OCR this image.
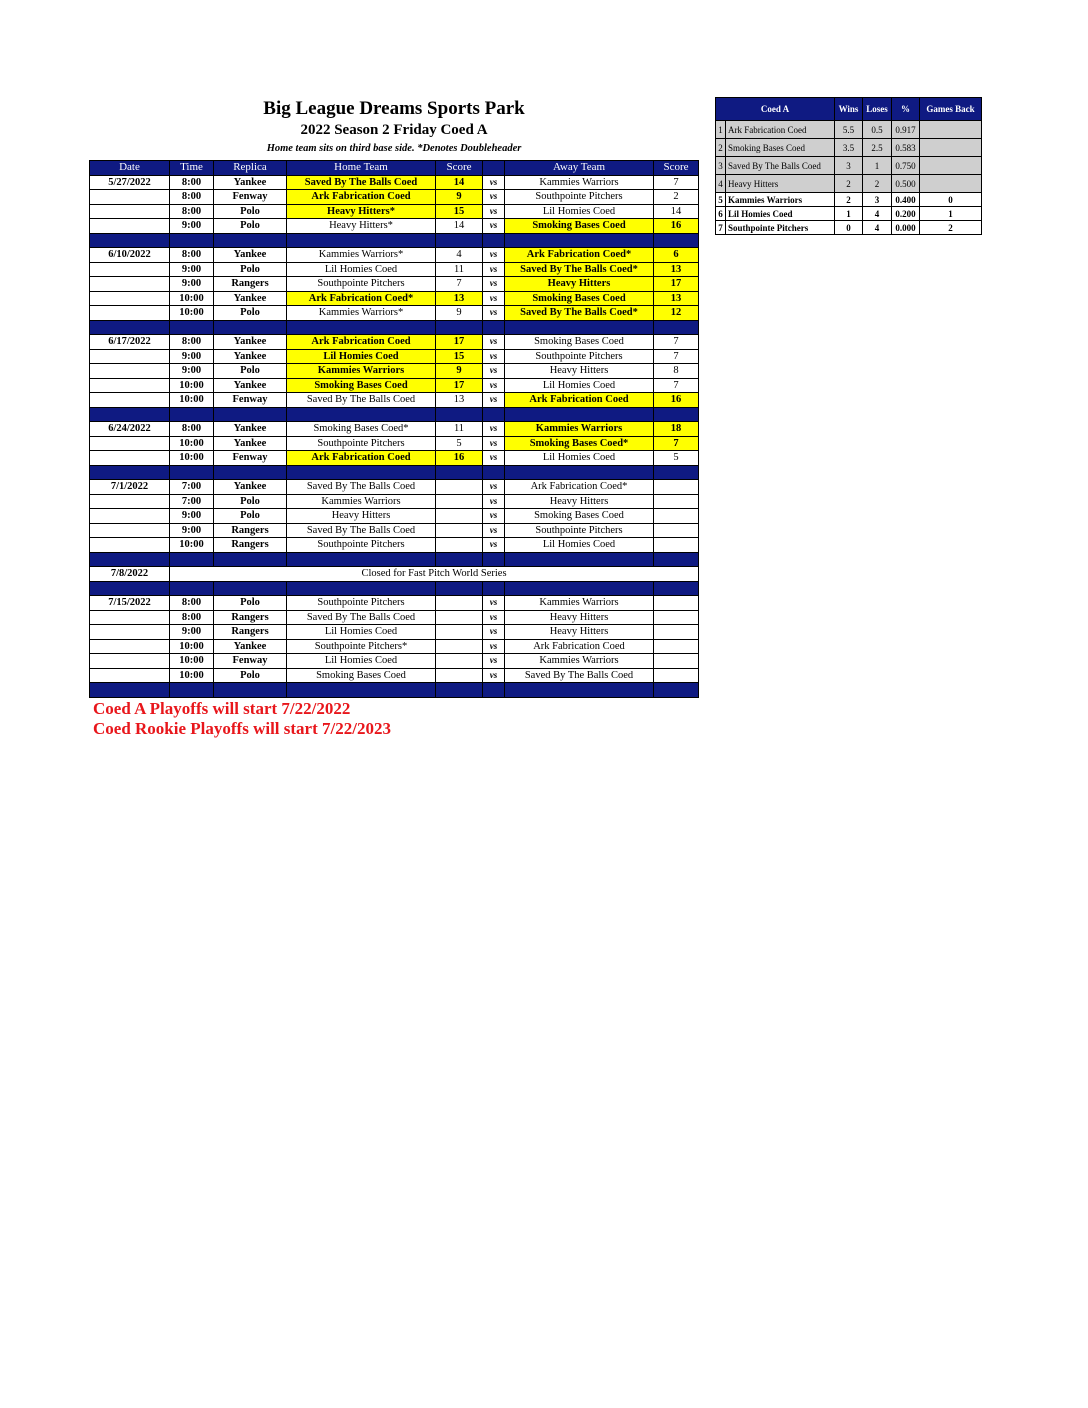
Big League Dreams Sports Park
2022 Season 2 Friday Coed A
Home team sits on third base side. *Denotes Doubleheader
Date	Time	Replica	Home Team	Score		Away Team	Score
5/27/2022	8:00	Yankee	Saved By The Balls Coed	14	vs	Kammies Warriors	7
	8:00	Fenway	Ark Fabrication Coed	9	vs	Southpointe Pitchers	2
	8:00	Polo	Heavy Hitters*	15	vs	Lil Homies Coed	14
	9:00	Polo	Heavy Hitters*	14	vs	Smoking Bases Coed	16

6/10/2022	8:00	Yankee	Kammies Warriors*	4	vs	Ark Fabrication Coed*	6
	9:00	Polo	Lil Homies Coed	11	vs	Saved By The Balls Coed*	13
	9:00	Rangers	Southpointe Pitchers	7	vs	Heavy Hitters	17
	10:00	Yankee	Ark Fabrication Coed*	13	vs	Smoking Bases Coed	13
	10:00	Polo	Kammies Warriors*	9	vs	Saved By The Balls Coed*	12

6/17/2022	8:00	Yankee	Ark Fabrication Coed	17	vs	Smoking Bases Coed	7
	9:00	Yankee	Lil Homies Coed	15	vs	Southpointe Pitchers	7
	9:00	Polo	Kammies Warriors	9	vs	Heavy Hitters	8
	10:00	Yankee	Smoking Bases Coed	17	vs	Lil Homies Coed	7
	10:00	Fenway	Saved By The Balls Coed	13	vs	Ark Fabrication Coed	16

6/24/2022	8:00	Yankee	Smoking Bases Coed*	11	vs	Kammies Warriors	18
	10:00	Yankee	Southpointe Pitchers	5	vs	Smoking Bases Coed*	7
	10:00	Fenway	Ark Fabrication Coed	16	vs	Lil Homies Coed	5

7/1/2022	7:00	Yankee	Saved By The Balls Coed		vs	Ark Fabrication Coed*	
	7:00	Polo	Kammies Warriors		vs	Heavy Hitters	
	9:00	Polo	Heavy Hitters		vs	Smoking Bases Coed	
	9:00	Rangers	Saved By The Balls Coed		vs	Southpointe Pitchers	
	10:00	Rangers	Southpointe Pitchers		vs	Lil Homies Coed	

7/8/2022	Closed for Fast Pitch World Series						

7/15/2022	8:00	Polo	Southpointe Pitchers		vs	Kammies Warriors	
	8:00	Rangers	Saved By The Balls Coed		vs	Heavy Hitters	
	9:00	Rangers	Lil Homies Coed		vs	Heavy Hitters	
	10:00	Yankee	Southpointe Pitchers*		vs	Ark Fabrication Coed	
	10:00	Fenway	Lil Homies Coed		vs	Kammies Warriors	
	10:00	Polo	Smoking Bases Coed		vs	Saved By The Balls Coed	

Coed A		Wins	Loses	%	Games Back
1	Ark Fabrication Coed	5.5	0.5	0.917	
2	Smoking Bases Coed	3.5	2.5	0.583	
3	Saved By The Balls Coed	3	1	0.750	
4	Heavy Hitters	2	2	0.500	
5	Kammies Warriors	2	3	0.400	0
6	Lil Homies Coed	1	4	0.200	1
7	Southpointe Pitchers	0	4	0.000	2
Coed A Playoffs will start 7/22/2022
Coed Rookie Playoffs will start 7/22/2023
